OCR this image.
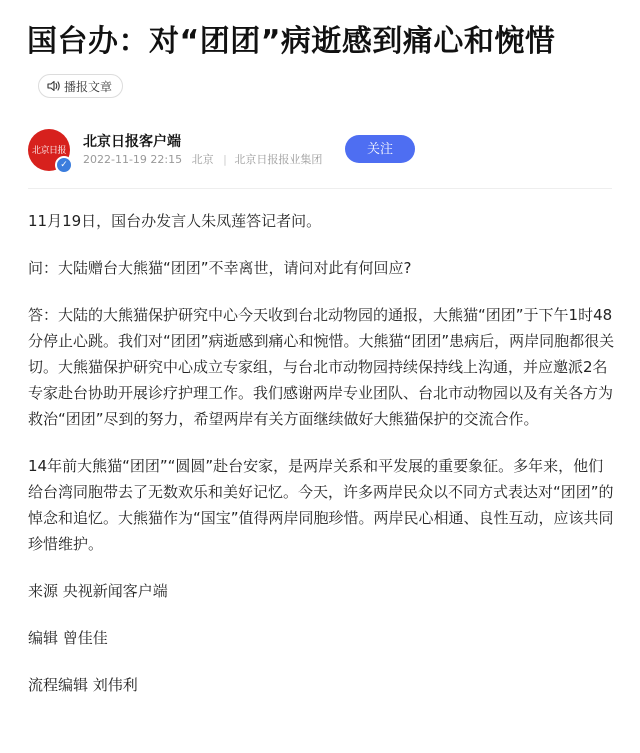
国台办：对“团团”病逝感到痛心和惋惜
播报文章
北京日报
✓
北京日报客户端
2022-11-19 22:15 北京 | 北京日报报业集团
关注

11月19日，国台办发言人朱凤莲答记者问。

问：大陆赠台大熊猫“团团”不幸离世，请问对此有何回应?

答：大陆的大熊猫保护研究中心今天收到台北动物园的通报，大熊猫“团团”于下午1时48分停止心跳。我们对“团团”病逝感到痛心和惋惜。大熊猫“团团”患病后，两岸同胞都很关切。大熊猫保护研究中心成立专家组，与台北市动物园持续保持线上沟通，并应邀派2名专家赴台协助开展诊疗护理工作。我们感谢两岸专业团队、台北市动物园以及有关各方为救治“团团”尽到的努力，希望两岸有关方面继续做好大熊猫保护的交流合作。

14年前大熊猫“团团”“圆圆”赴台安家，是两岸关系和平发展的重要象征。多年来，他们给台湾同胞带去了无数欢乐和美好记忆。今天，许多两岸民众以不同方式表达对“团团”的悼念和追忆。大熊猫作为“国宝”值得两岸同胞珍惜。两岸民心相通、良性互动，应该共同珍惜维护。

来源 央视新闻客户端

编辑 曾佳佳

流程编辑 刘伟利
